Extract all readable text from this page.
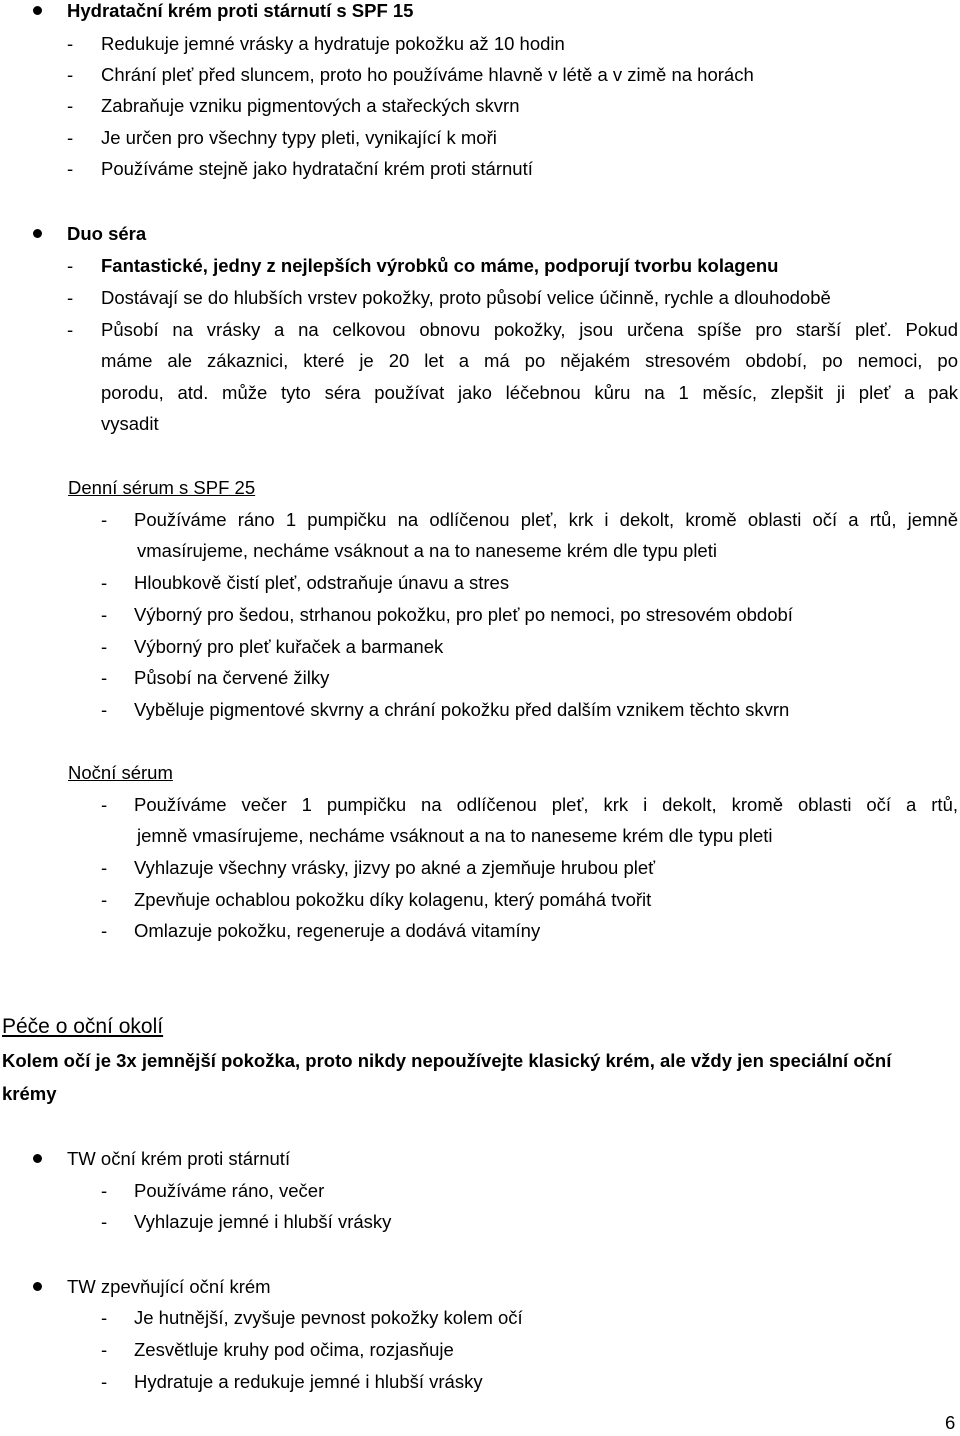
Hydratační krém proti stárnutí s SPF 15
- Redukuje jemné vrásky a hydratuje pokožku až 10 hodin
- Chrání pleť před sluncem, proto ho používáme hlavně v létě a v zimě na horách
- Zabraňuje vzniku pigmentových a stařeckých skvrn
- Je určen pro všechny typy pleti, vynikající k moři
- Používáme stejně jako hydratační krém proti stárnutí
Duo séra
- Fantastické, jedny z nejlepších výrobků co máme, podporují tvorbu kolagenu
- Dostávají se do hlubších vrstev pokožky, proto působí velice účinně, rychle a dlouhodobě
- Působí na vrásky a na celkovou obnovu pokožky, jsou určena spíše pro starší pleť. Pokud
máme ale zákaznici, které je 20 let a má po nějakém stresovém období, po nemoci, po
porodu, atd. může tyto séra používat jako léčebnou kůru na 1 měsíc, zlepšit ji pleť a pak
vysadit
Denní sérum s SPF 25
- Používáme ráno 1 pumpičku na odlíčenou pleť, krk i dekolt, kromě oblasti očí a rtů, jemně
vmasírujeme, necháme vsáknout a na to naneseme krém dle typu pleti
- Hloubkově čistí pleť, odstraňuje únavu a stres
- Výborný pro šedou, strhanou pokožku, pro pleť po nemoci, po stresovém období
- Výborný pro pleť kuřaček a barmanek
- Působí na červené žilky
- Vyběluje pigmentové skvrny a chrání pokožku před dalším vznikem těchto skvrn
Noční sérum
- Používáme večer 1 pumpičku na odlíčenou pleť, krk i dekolt, kromě oblasti očí a rtů,
jemně vmasírujeme, necháme vsáknout a na to naneseme krém dle typu pleti
- Vyhlazuje všechny vrásky, jizvy po akné a zjemňuje hrubou pleť
- Zpevňuje ochablou pokožku díky kolagenu, který pomáhá tvořit
- Omlazuje pokožku, regeneruje a dodává vitamíny
Péče o oční okolí
Kolem očí je 3x jemnější pokožka, proto nikdy nepoužívejte klasický krém, ale vždy jen speciální oční
krémy
TW oční krém proti stárnutí
- Používáme ráno, večer
- Vyhlazuje jemné i hlubší vrásky
TW zpevňující oční krém
- Je hutnější, zvyšuje pevnost pokožky kolem očí
- Zesvětluje kruhy pod očima, rozjasňuje
- Hydratuje a redukuje jemné i hlubší vrásky
6
